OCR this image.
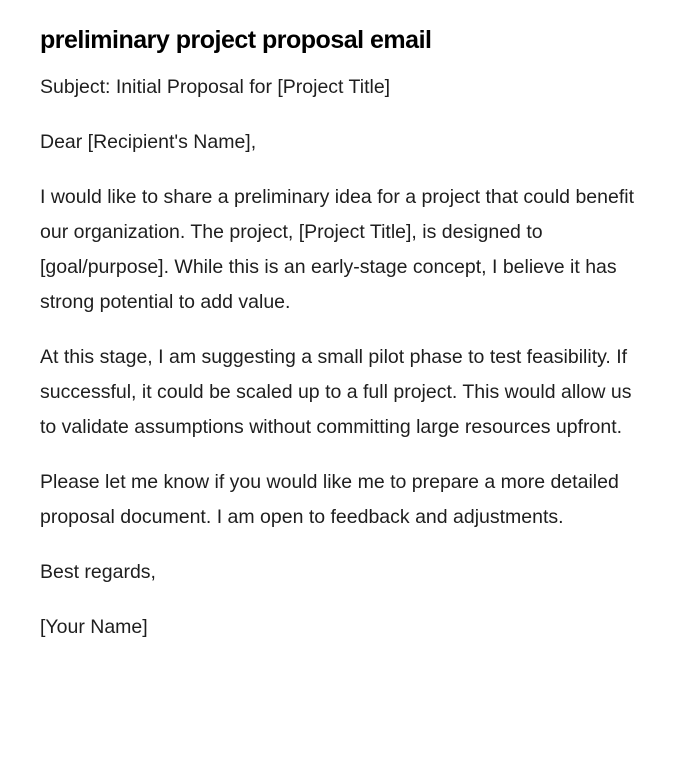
preliminary project proposal email

Subject: Initial Proposal for [Project Title]

Dear [Recipient's Name],

I would like to share a preliminary idea for a project that could benefit our organization. The project, [Project Title], is designed to [goal/purpose]. While this is an early-stage concept, I believe it has strong potential to add value.

At this stage, I am suggesting a small pilot phase to test feasibility. If successful, it could be scaled up to a full project. This would allow us to validate assumptions without committing large resources upfront.

Please let me know if you would like me to prepare a more detailed proposal document. I am open to feedback and adjustments.

Best regards,

[Your Name]
